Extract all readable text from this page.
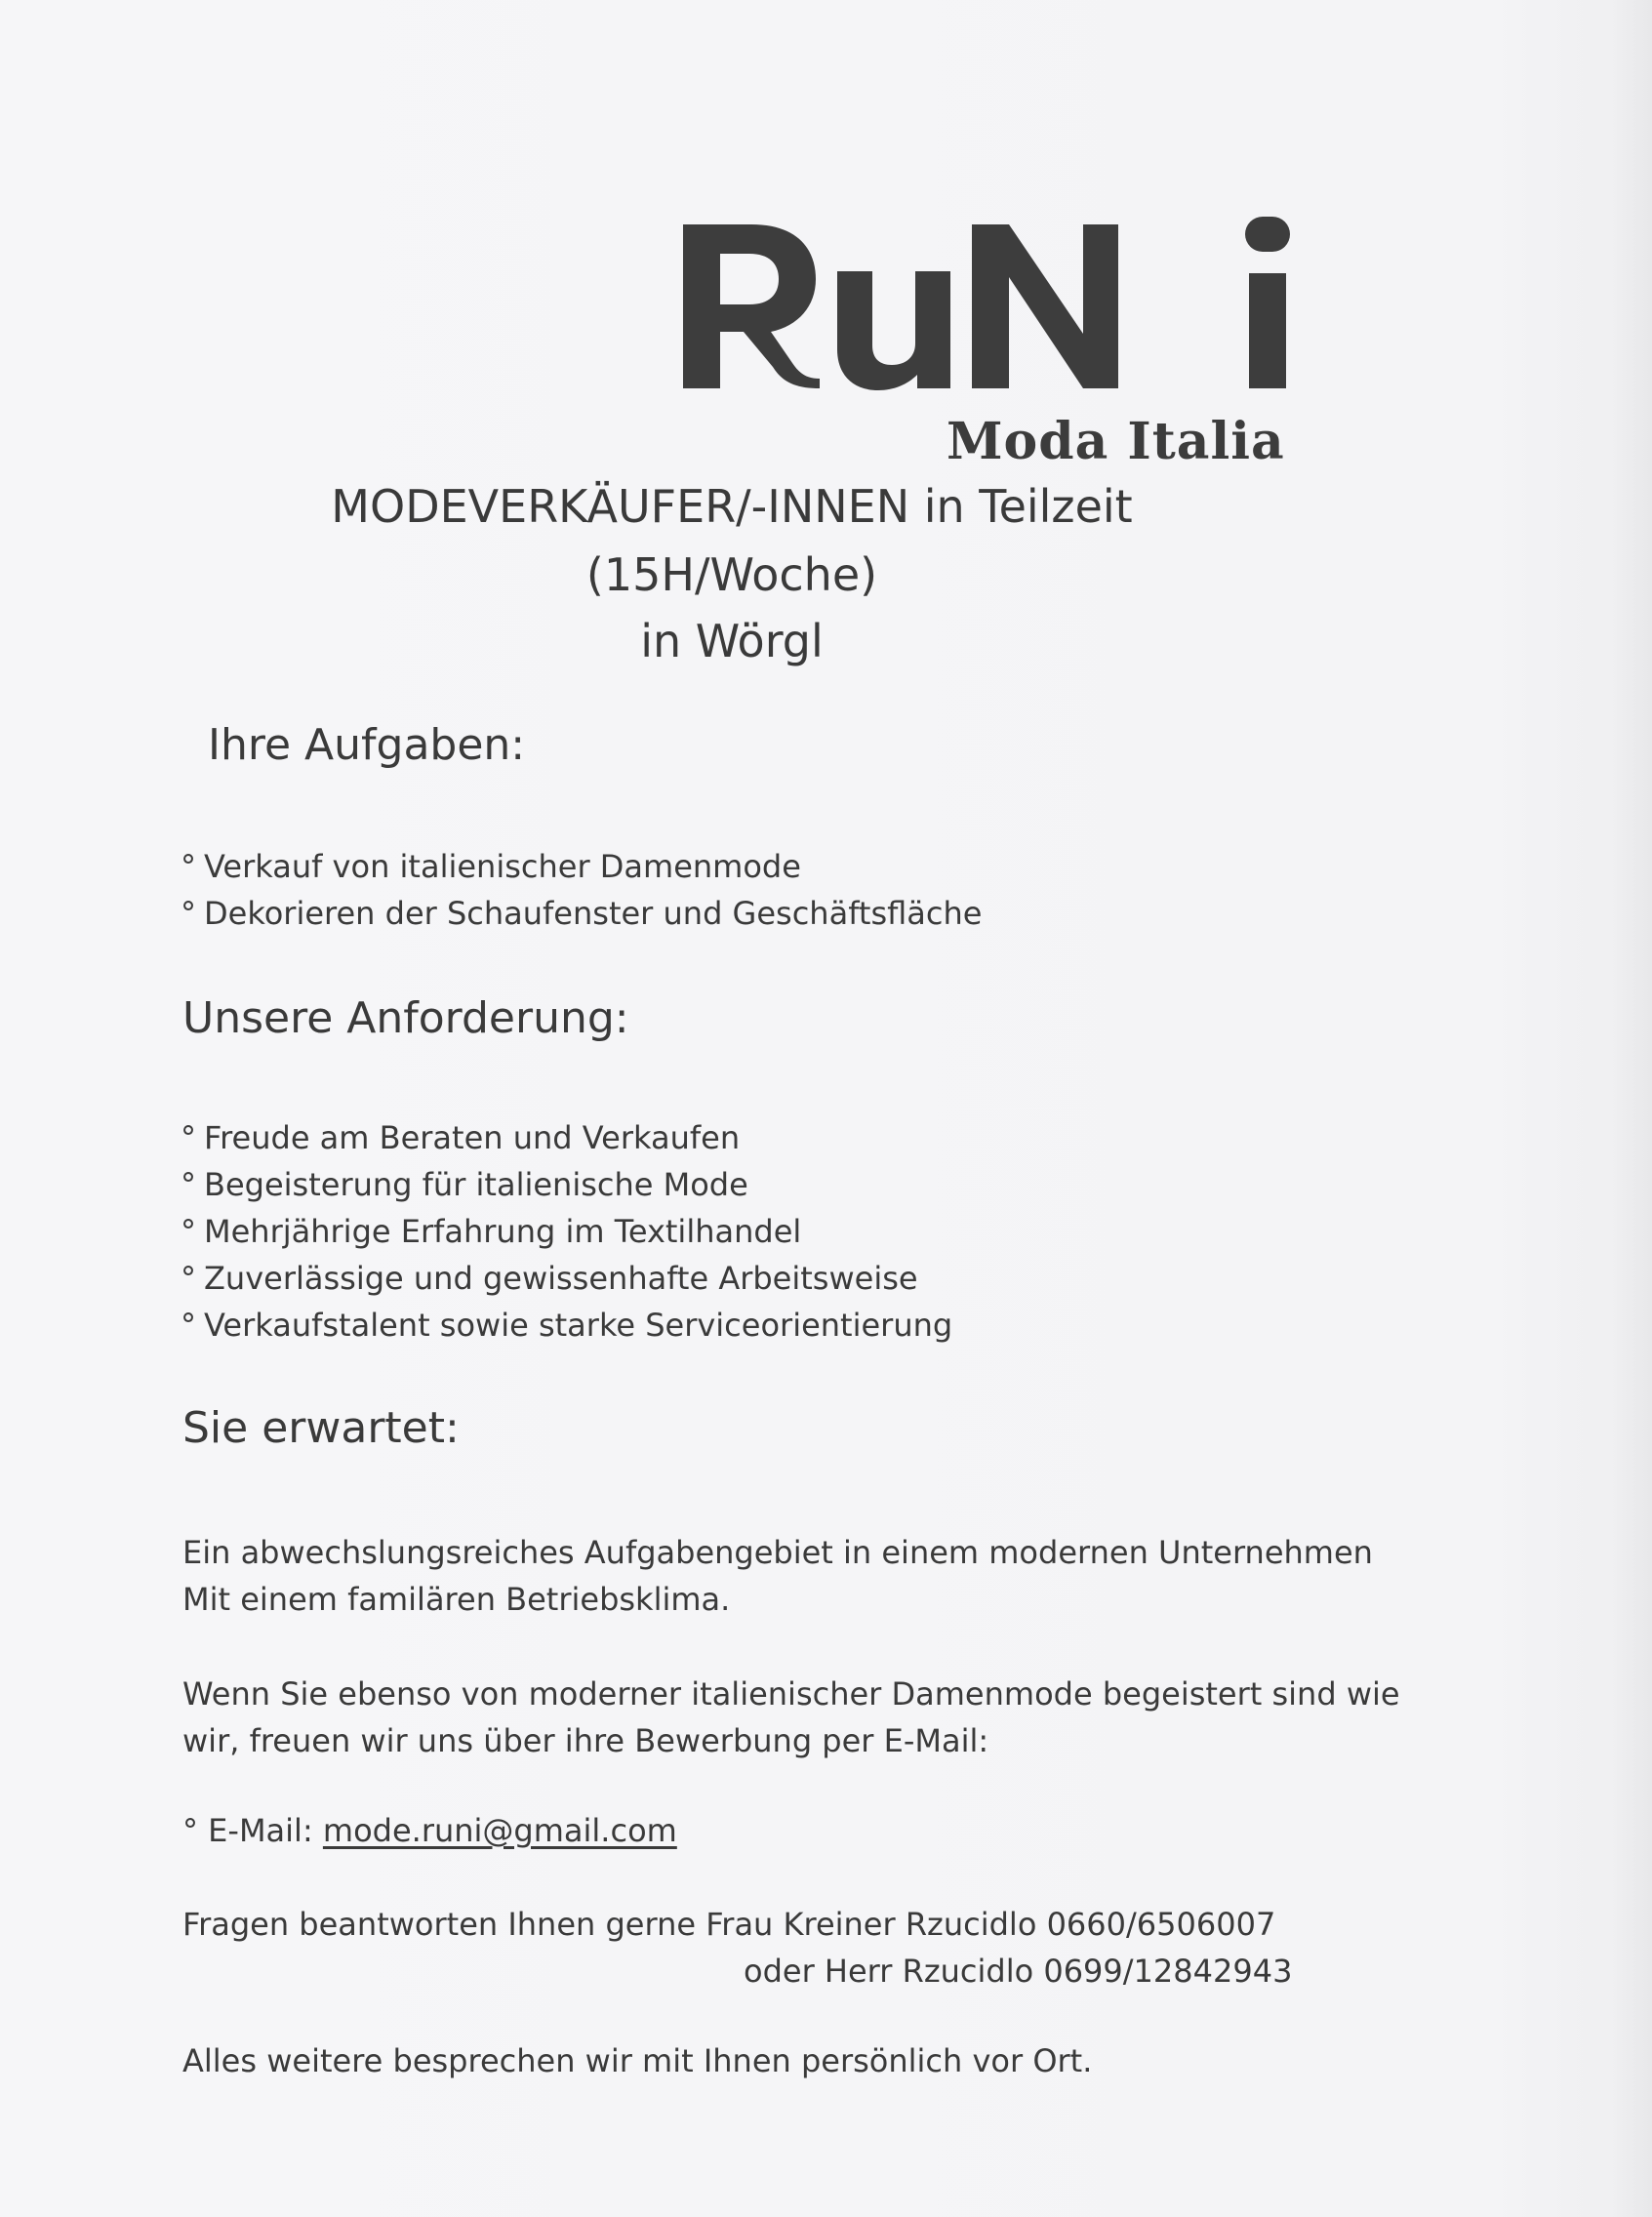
Moda Italia
MODEVERKÄUFER/-INNEN in Teilzeit
(15H/Woche)
in Wörgl
Ihre Aufgaben:
° Verkauf von italienischer Damenmode
° Dekorieren der Schaufenster und Geschäftsfläche
Unsere Anforderung:
° Freude am Beraten und Verkaufen
° Begeisterung für italienische Mode
° Mehrjährige Erfahrung im Textilhandel
° Zuverlässige und gewissenhafte Arbeitsweise
° Verkaufstalent sowie starke Serviceorientierung
Sie erwartet:
Ein abwechslungsreiches Aufgabengebiet in einem modernen Unternehmen
Mit einem familären Betriebsklima.
Wenn Sie ebenso von moderner italienischer Damenmode begeistert sind wie
wir, freuen wir uns über ihre Bewerbung per E-Mail:
° E-Mail: mode.runi@gmail.com
Fragen beantworten Ihnen gerne Frau Kreiner Rzucidlo 0660/6506007
oder Herr Rzucidlo 0699/12842943
Alles weitere besprechen wir mit Ihnen persönlich vor Ort.
